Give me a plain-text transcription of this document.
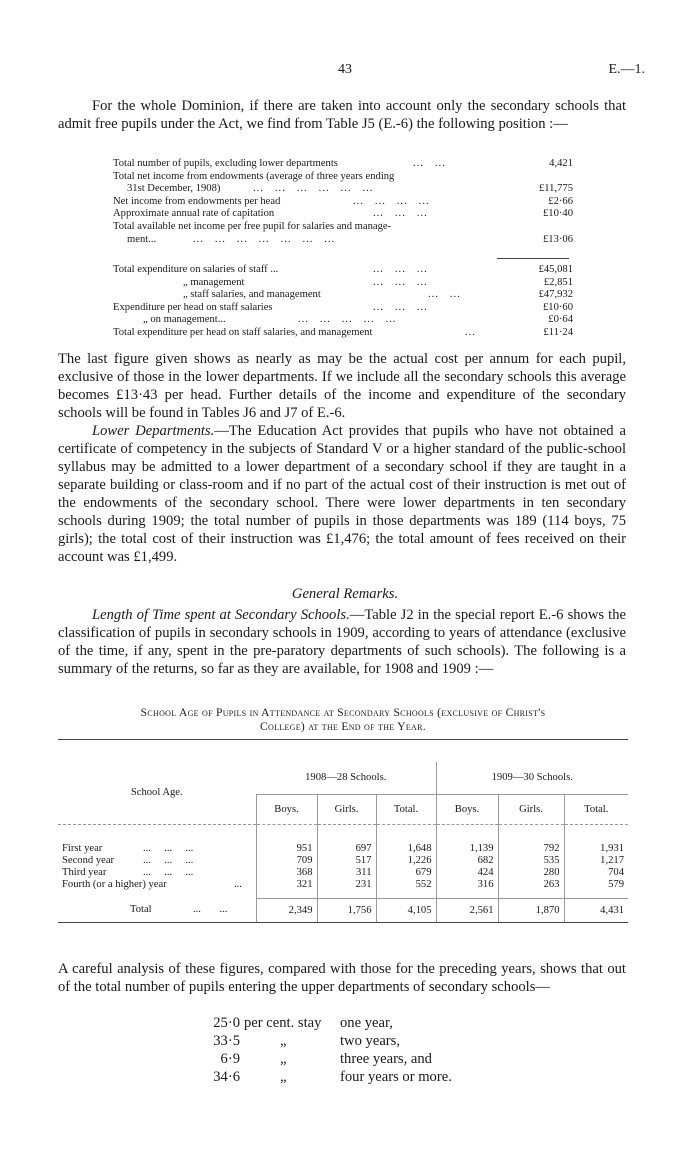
43	E.—1.
For the whole Dominion, if there are taken into account only the secondary schools that admit free pupils under the Act, we find from Table J5 (E.-6) the following position :—
Total number of pupils, excluding lower departments	...   ...	4,421
Total net income from endowments (average of three years ending
31st December, 1908)	...   ...   ...   ...   ...   ...	£11,775
Net income from endowments per head	...   ...   ...   ...	£2·66
Approximate annual rate of capitation	...   ...   ...	£10·40
Total available net income per free pupil for salaries and manage-
ment...	...   ...   ...   ...   ...   ...   ...	£13·06
Total expenditure on salaries of staff ...	...   ...   ...	£45,081
„ management	...   ...   ...	£2,851
„ staff salaries, and management	...   ...	£47,932
Expenditure per head on staff salaries	...   ...   ...	£10·60
„ on management...	...   ...   ...   ...   ...	£0·64
Total expenditure per head on staff salaries, and management	...	£11·24
The last figure given shows as nearly as may be the actual cost per annum for each pupil, exclusive of those in the lower departments. If we include all the secondary schools this average becomes £13·43 per head. Further details of the income and expenditure of the secondary schools will be found in Tables J6 and J7 of E.-6.
Lower Departments.—The Education Act provides that pupils who have not obtained a certificate of competency in the subjects of Standard V or a higher standard of the public-school syllabus may be admitted to a lower department of a secondary school if they are taught in a separate building or class-room and if no part of the actual cost of their instruction is met out of the endowments of the secondary school. There were lower departments in ten secondary schools during 1909; the total number of pupils in those departments was 189 (114 boys, 75 girls); the total cost of their instruction was £1,476; the total amount of fees received on their account was £1,499.
General Remarks.
Length of Time spent at Secondary Schools.—Table J2 in the special report E.-6 shows the classification of pupils in secondary schools in 1909, according to years of attendance (exclusive of the time, if any, spent in the pre-paratory departments of such schools). The following is a summary of the returns, so far as they are available, for 1908 and 1909 :—
School Age of Pupils in Attendance at Secondary Schools (exclusive of Christ's
College) at the End of the Year.
School Age.	1908—28 Schools.			1909—30 Schools.		
	Boys.	Girls.	Total.	Boys.	Girls.	Total.

First year ...     ...     ...	951	697	1,648	1,139	792	1,931
Second year ...     ...     ...	709	517	1,226	682	535	1,217
Third year ...     ...     ...	368	311	679	424	280	704
Fourth (or a higher) year ...	321	231	552	316	263	579

Total ...       ...	2,349	1,756	4,105	2,561	1,870	4,431
A careful analysis of these figures, compared with those for the preceding years, shows that out of the total number of pupils entering the upper departments of secondary schools—
25·0 per cent. stay one year,
33·5	„	two years,
6·9	„	three years, and
34·6	„	four years or more.
